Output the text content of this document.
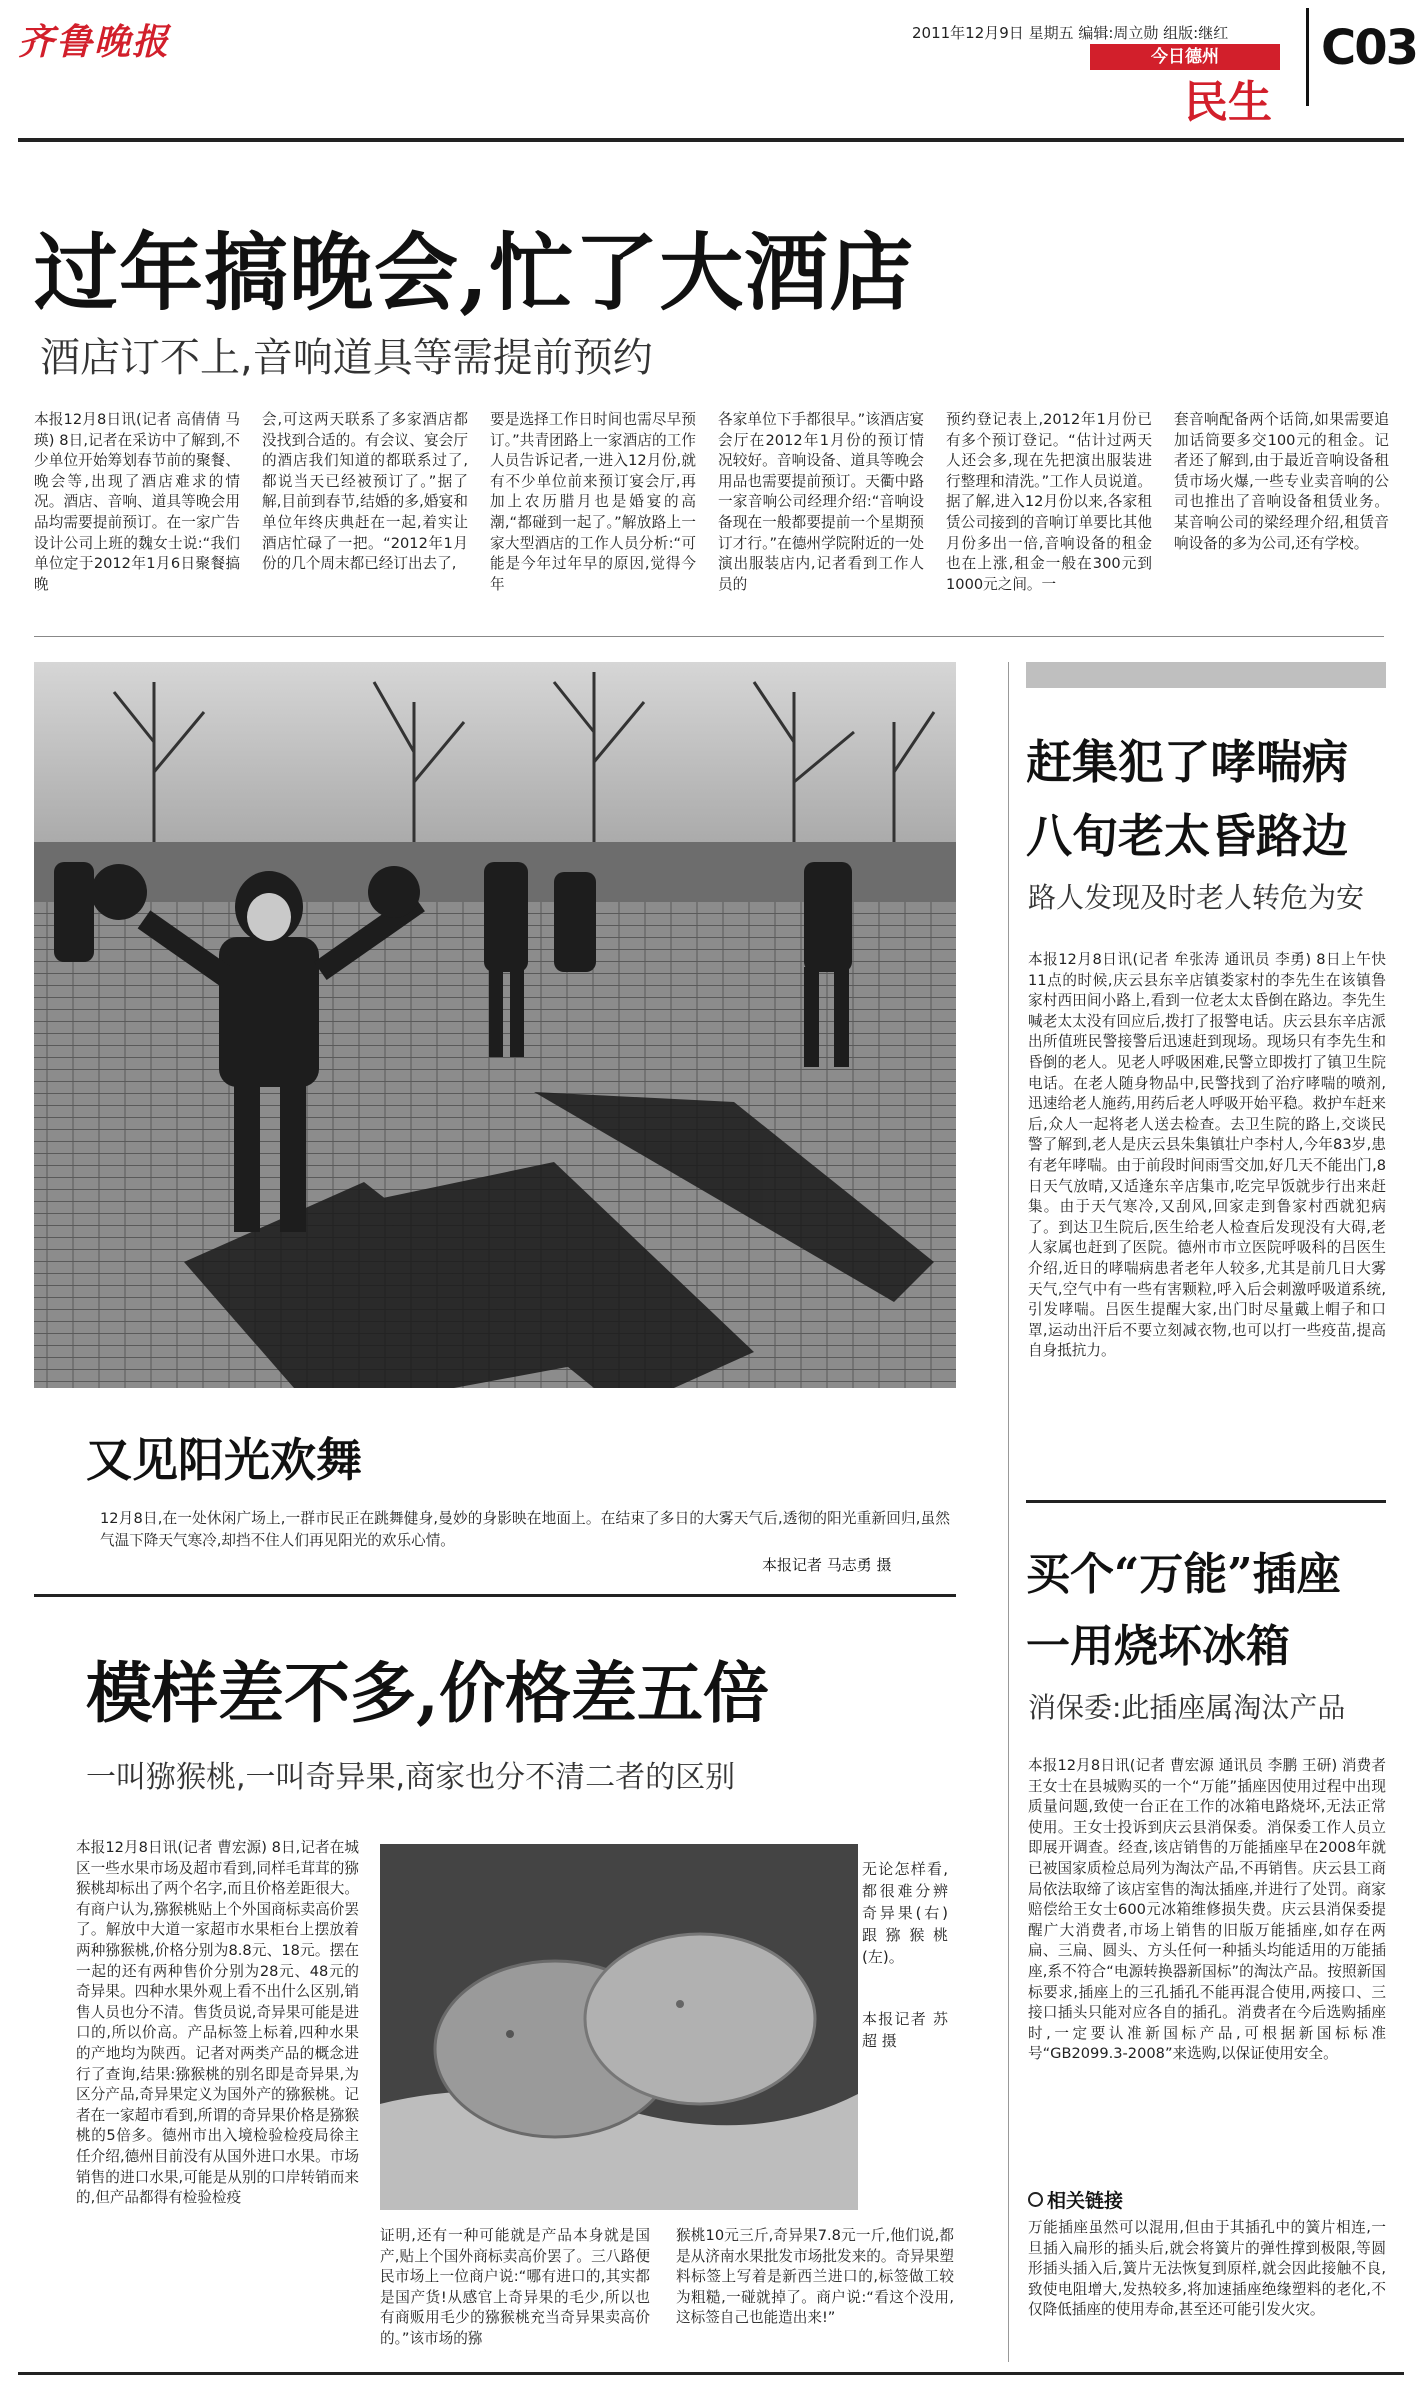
齐鲁晚报	2011年12月9日 星期五 编辑:周立勋 组版:继红
今日德州
民生
C03
过年搞晚会,忙了大酒店
酒店订不上,音响道具等需提前预约
本报12月8日讯(记者 高倩倩 马瑛) 8日,记者在采访中了解到,不少单位开始筹划春节前的聚餐、晚会等,出现了酒店难求的情况。酒店、音响、道具等晚会用品均需要提前预订。在一家广告设计公司上班的魏女士说:“我们单位定于2012年1月6日聚餐搞晚
会,可这两天联系了多家酒店都没找到合适的。有会议、宴会厅的酒店我们知道的都联系过了,都说当天已经被预订了。”据了解,目前到春节,结婚的多,婚宴和单位年终庆典赶在一起,着实让酒店忙碌了一把。“2012年1月份的几个周末都已经订出去了,
要是选择工作日时间也需尽早预订。”共青团路上一家酒店的工作人员告诉记者,一进入12月份,就有不少单位前来预订宴会厅,再加上农历腊月也是婚宴的高潮,“都碰到一起了。”解放路上一家大型酒店的工作人员分析:“可能是今年过年早的原因,觉得今年
各家单位下手都很早。”该酒店宴会厅在2012年1月份的预订情况较好。音响设备、道具等晚会用品也需要提前预订。天衢中路一家音响公司经理介绍:“音响设备现在一般都要提前一个星期预订才行。”在德州学院附近的一处演出服装店内,记者看到工作人员的
预约登记表上,2012年1月份已有多个预订登记。“估计过两天人还会多,现在先把演出服装进行整理和清洗。”工作人员说道。据了解,进入12月份以来,各家租赁公司接到的音响订单要比其他月份多出一倍,音响设备的租金也在上涨,租金一般在300元到1000元之间。一
套音响配备两个话筒,如果需要追加话筒要多交100元的租金。记者还了解到,由于最近音响设备租赁市场火爆,一些专业卖音响的公司也推出了音响设备租赁业务。某音响公司的梁经理介绍,租赁音响设备的多为公司,还有学校。
又见阳光欢舞
12月8日,在一处休闲广场上,一群市民正在跳舞健身,曼妙的身影映在地面上。在结束了多日的大雾天气后,透彻的阳光重新回归,虽然气温下降天气寒冷,却挡不住人们再见阳光的欢乐心情。
本报记者 马志勇 摄
模样差不多,价格差五倍
一叫猕猴桃,一叫奇异果,商家也分不清二者的区别
本报12月8日讯(记者 曹宏源) 8日,记者在城区一些水果市场及超市看到,同样毛茸茸的猕猴桃却标出了两个名字,而且价格差距很大。有商户认为,猕猴桃贴上个外国商标卖高价罢了。解放中大道一家超市水果柜台上摆放着两种猕猴桃,价格分别为8.8元、18元。摆在一起的还有两种售价分别为28元、48元的奇异果。四种水果外观上看不出什么区别,销售人员也分不清。售货员说,奇异果可能是进口的,所以价高。产品标签上标着,四种水果的产地均为陕西。记者对两类产品的概念进行了查询,结果:猕猴桃的别名即是奇异果,为区分产品,奇异果定义为国外产的猕猴桃。记者在一家超市看到,所谓的奇异果价格是猕猴桃的5倍多。德州市出入境检验检疫局徐主任介绍,德州目前没有从国外进口水果。市场销售的进口水果,可能是从别的口岸转销而来的,但产品都得有检验检疫
无论怎样看,都很难分辨奇异果(右)跟猕猴桃(左)。
本报记者 苏超 摄
证明,还有一种可能就是产品本身就是国产,贴上个国外商标卖高价罢了。三八路便民市场上一位商户说:“哪有进口的,其实都是国产货!从感官上奇异果的毛少,所以也有商贩用毛少的猕猴桃充当奇异果卖高价的。”该市场的猕
猴桃10元三斤,奇异果7.8元一斤,他们说,都是从济南水果批发市场批发来的。奇异果塑料标签上写着是新西兰进口的,标签做工较为粗糙,一碰就掉了。商户说:“看这个没用,这标签自己也能造出来!”
赶集犯了哮喘病
八旬老太昏路边
路人发现及时老人转危为安
本报12月8日讯(记者 牟张涛 通讯员 李勇) 8日上午快11点的时候,庆云县东辛店镇娄家村的李先生在该镇鲁家村西田间小路上,看到一位老太太昏倒在路边。李先生喊老太太没有回应后,拨打了报警电话。庆云县东辛店派出所值班民警接警后迅速赶到现场。现场只有李先生和昏倒的老人。见老人呼吸困难,民警立即拨打了镇卫生院电话。在老人随身物品中,民警找到了治疗哮喘的喷剂,迅速给老人施药,用药后老人呼吸开始平稳。救护车赶来后,众人一起将老人送去检查。去卫生院的路上,交谈民警了解到,老人是庆云县朱集镇壮户李村人,今年83岁,患有老年哮喘。由于前段时间雨雪交加,好几天不能出门,8日天气放晴,又适逢东辛店集市,吃完早饭就步行出来赶集。由于天气寒冷,又刮风,回家走到鲁家村西就犯病了。到达卫生院后,医生给老人检查后发现没有大碍,老人家属也赶到了医院。德州市市立医院呼吸科的吕医生介绍,近日的哮喘病患者老年人较多,尤其是前几日大雾天气,空气中有一些有害颗粒,呼入后会刺激呼吸道系统,引发哮喘。吕医生提醒大家,出门时尽量戴上帽子和口罩,运动出汗后不要立刻减衣物,也可以打一些疫苗,提高自身抵抗力。
买个“万能”插座
一用烧坏冰箱
消保委:此插座属淘汰产品
本报12月8日讯(记者 曹宏源 通讯员 李鹏 王研) 消费者王女士在县城购买的一个“万能”插座因使用过程中出现质量问题,致使一台正在工作的冰箱电路烧坏,无法正常使用。王女士投诉到庆云县消保委。消保委工作人员立即展开调查。经查,该店销售的万能插座早在2008年就已被国家质检总局列为淘汰产品,不再销售。庆云县工商局依法取缔了该店室售的淘汰插座,并进行了处罚。商家赔偿给王女士600元冰箱维修损失费。庆云县消保委提醒广大消费者,市场上销售的旧版万能插座,如存在两扁、三扁、圆头、方头任何一种插头均能适用的万能插座,系不符合“电源转换器新国标”的淘汰产品。按照新国标要求,插座上的三孔插孔不能再混合使用,两接口、三接口插头只能对应各自的插孔。消费者在今后选购插座时,一定要认准新国标产品,可根据新国标标准号“GB2099.3-2008”来选购,以保证使用安全。
相关链接
万能插座虽然可以混用,但由于其插孔中的簧片相连,一旦插入扁形的插头后,就会将簧片的弹性撑到极限,等圆形插头插入后,簧片无法恢复到原样,就会因此接触不良,致使电阻增大,发热较多,将加速插座绝缘塑料的老化,不仅降低插座的使用寿命,甚至还可能引发火灾。
